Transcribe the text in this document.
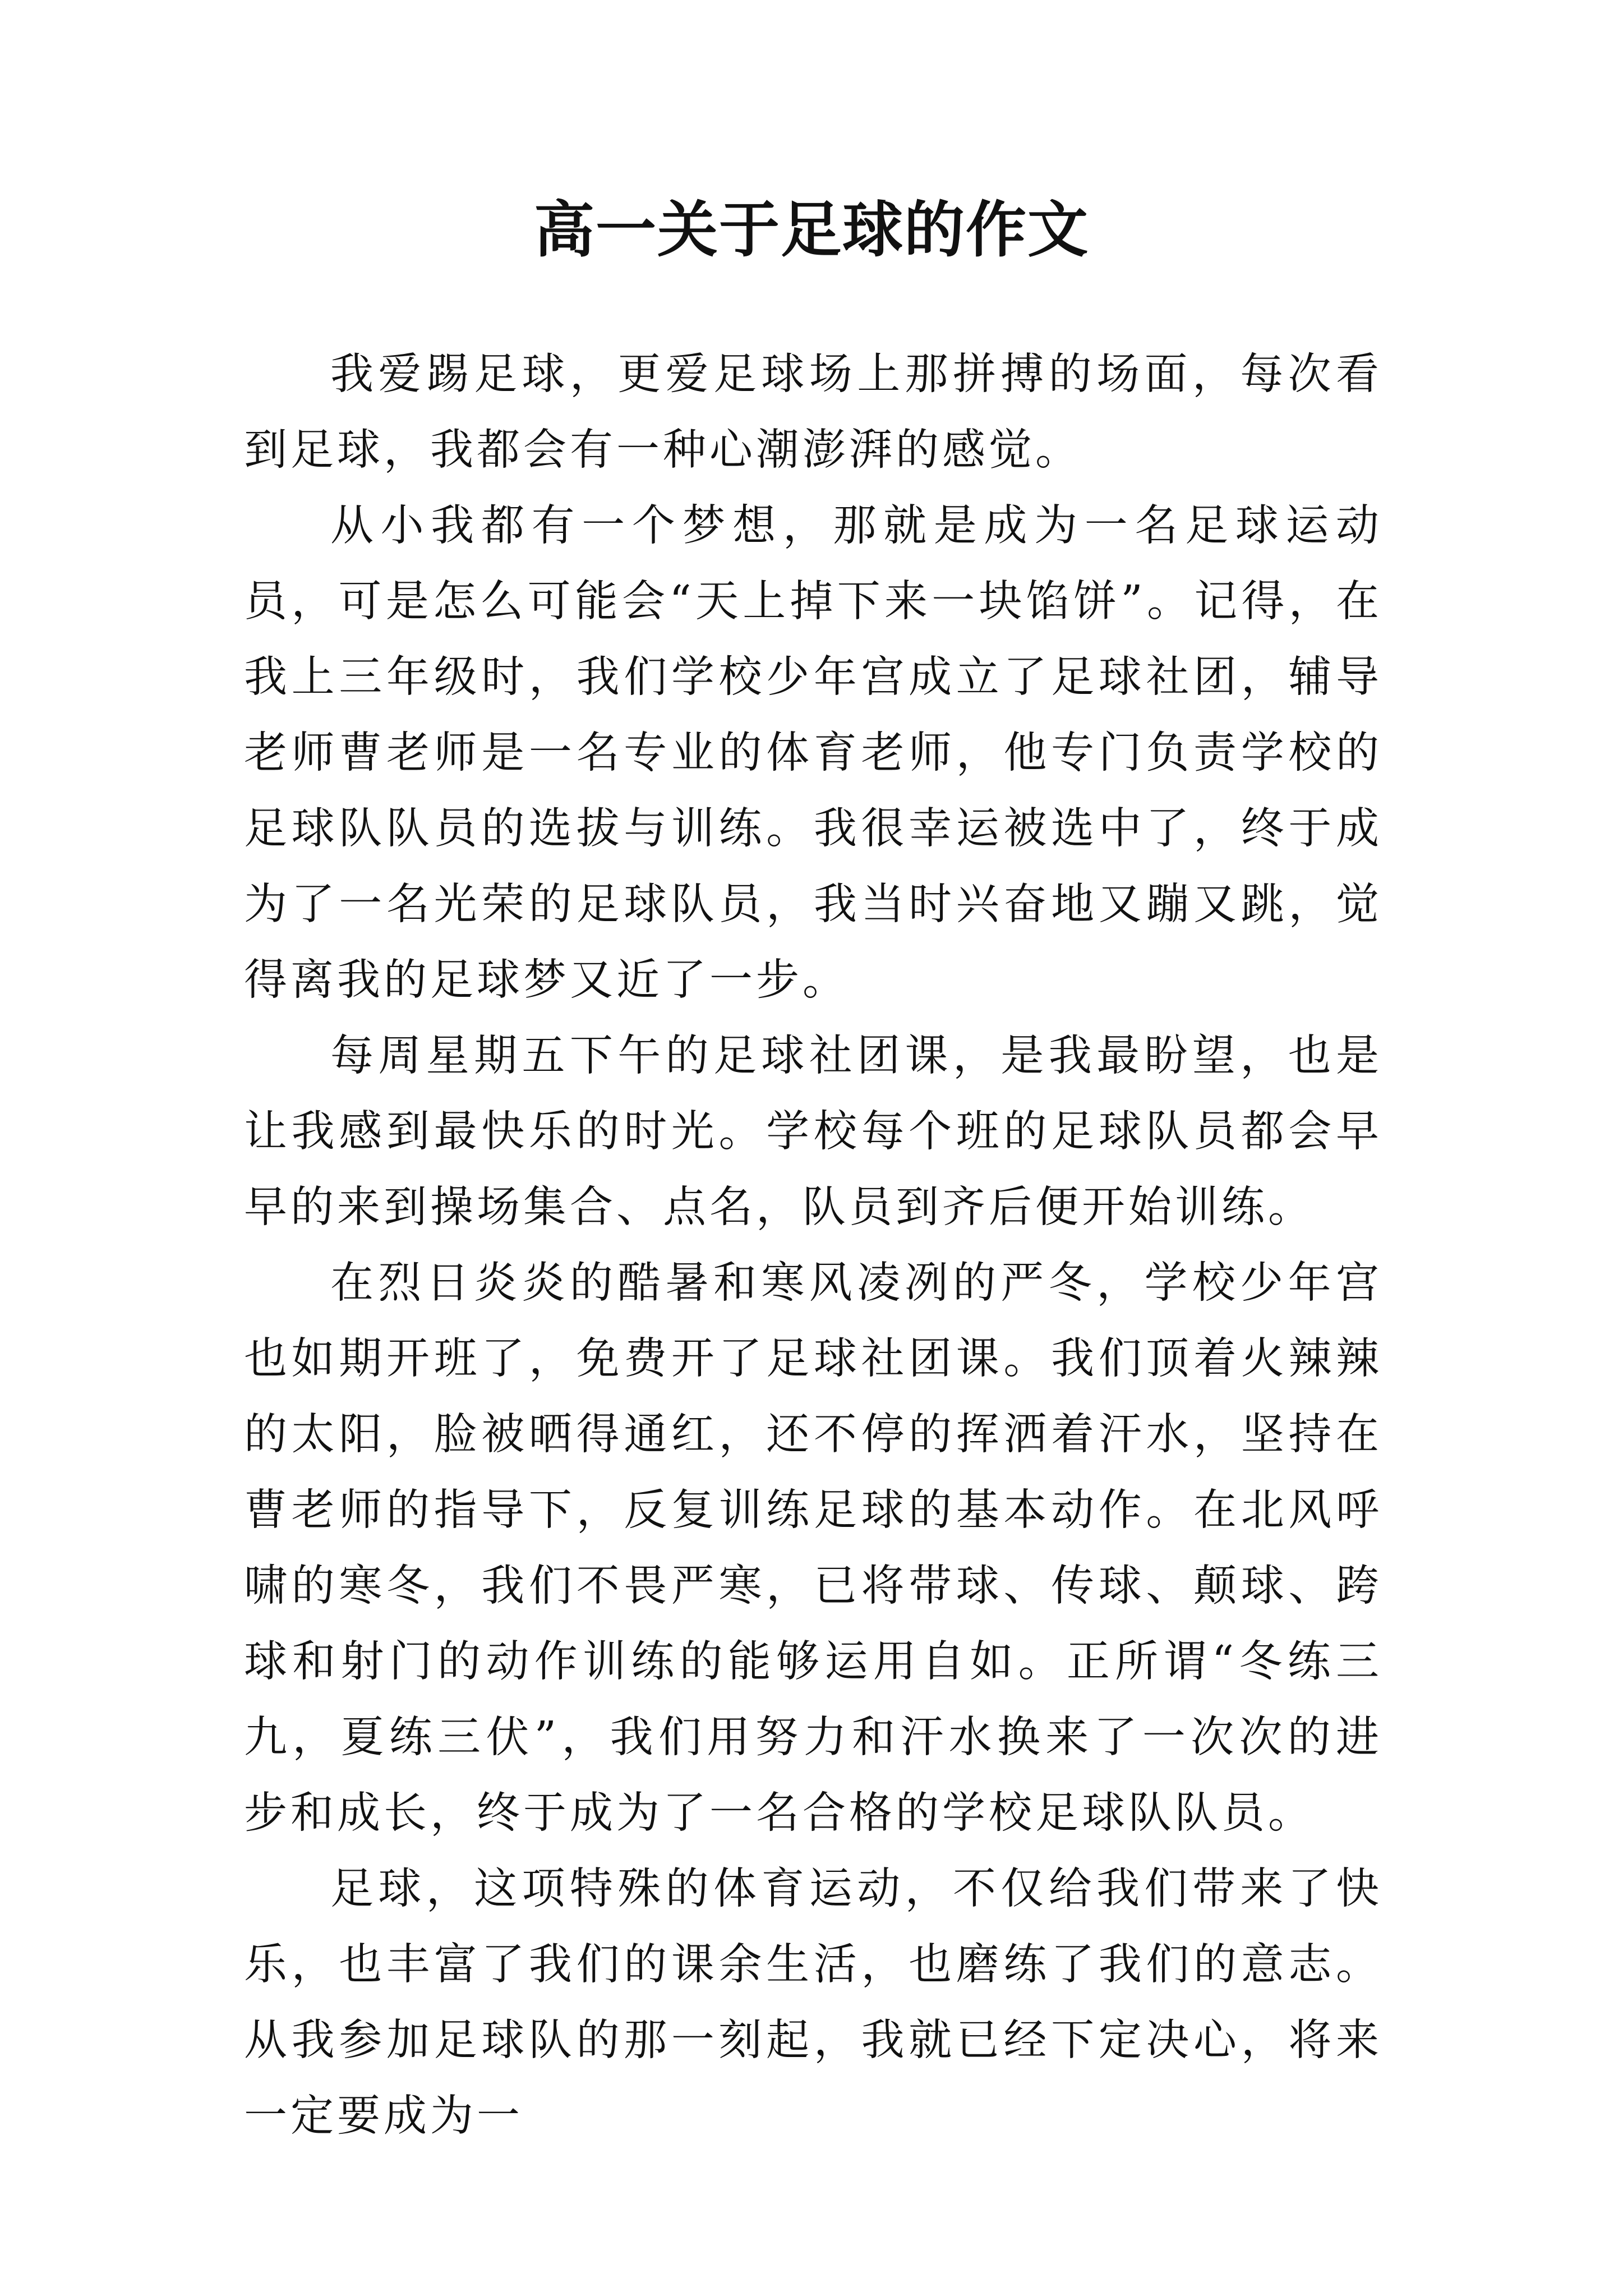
高一关于足球的作文

我爱踢足球，更爱足球场上那拼搏的场面，每次看到足球，我都会有一种心潮澎湃的感觉。

从小我都有一个梦想，那就是成为一名足球运动员，可是怎么可能会“天上掉下来一块馅饼”。记得，在我上三年级时，我们学校少年宫成立了足球社团，辅导老师曹老师是一名专业的体育老师，他专门负责学校的足球队队员的选拔与训练。我很幸运被选中了，终于成为了一名光荣的足球队员，我当时兴奋地又蹦又跳，觉得离我的足球梦又近了一步。

每周星期五下午的足球社团课，是我最盼望，也是让我感到最快乐的时光。学校每个班的足球队员都会早早的来到操场集合、点名，队员到齐后便开始训练。

在烈日炎炎的酷暑和寒风凌冽的严冬，学校少年宫也如期开班了，免费开了足球社团课。我们顶着火辣辣的太阳，脸被晒得通红，还不停的挥洒着汗水，坚持在曹老师的指导下，反复训练足球的基本动作。在北风呼啸的寒冬，我们不畏严寒，已将带球、传球、颠球、跨球和射门的动作训练的能够运用自如。正所谓“冬练三九，夏练三伏”，我们用努力和汗水换来了一次次的进步和成长，终于成为了一名合格的学校足球队队员。

足球，这项特殊的体育运动，不仅给我们带来了快乐，也丰富了我们的课余生活，也磨练了我们的意志。从我参加足球队的那一刻起，我就已经下定决心，将来一定要成为一
